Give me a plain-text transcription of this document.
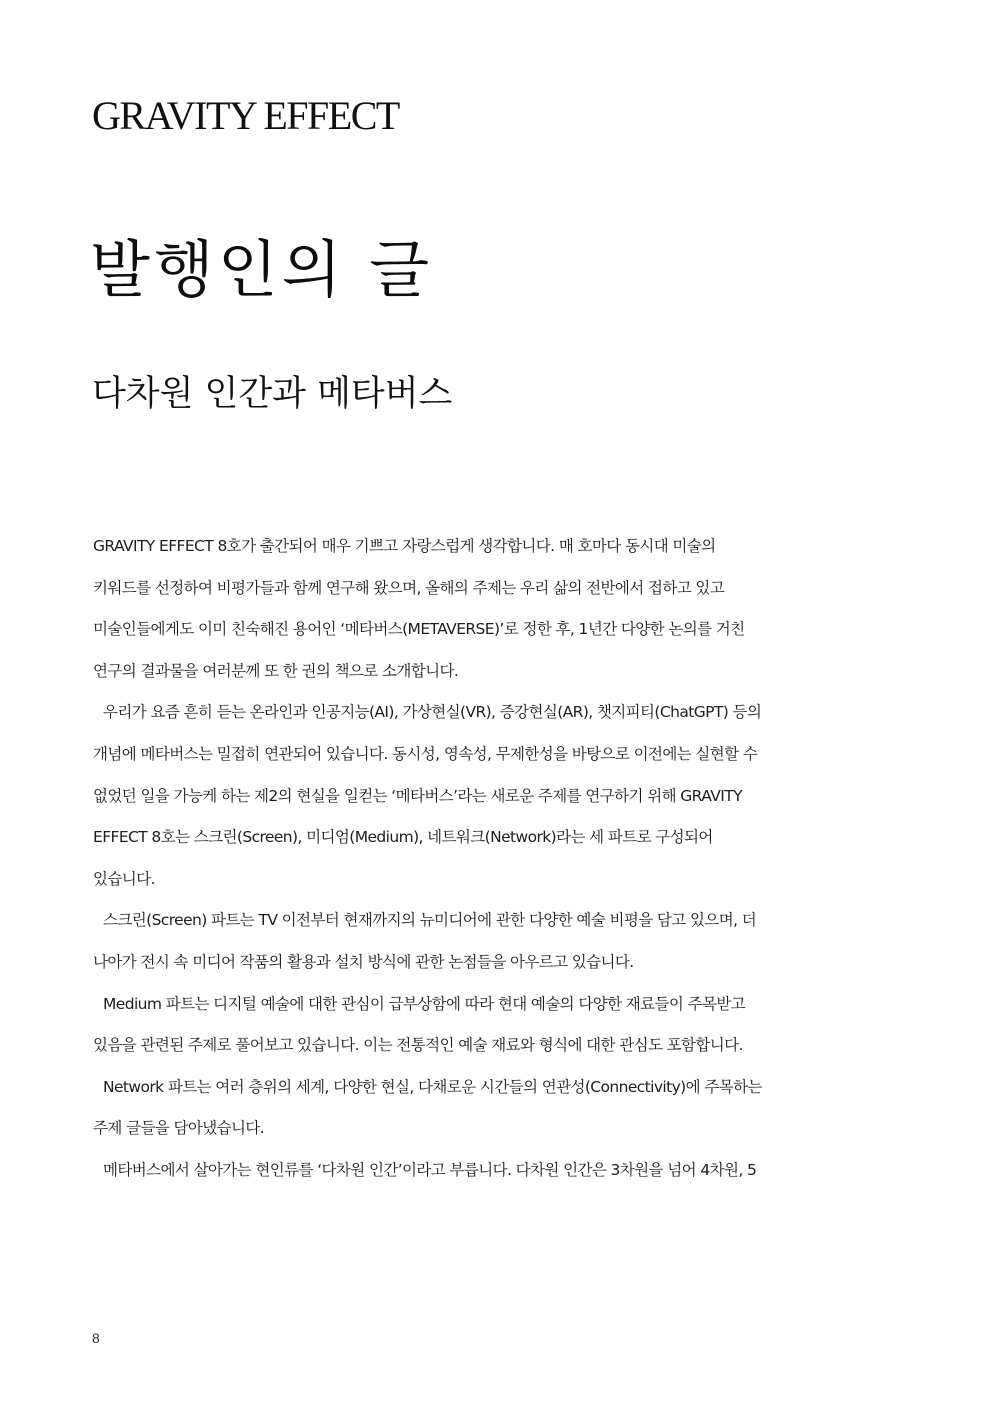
GRAVITY EFFECT
발행인의 글
다차원 인간과 메타버스

GRAVITY EFFECT 8호가 출간되어 매우 기쁘고 자랑스럽게 생각합니다. 매 호마다 동시대 미술의 키워드를 선정하여 비평가들과 함께 연구해 왔으며, 올해의 주제는 우리 삶의 전반에서 접하고 있고 미술인들에게도 이미 친숙해진 용어인 ‘메타버스(METAVERSE)’로 정한 후, 1년간 다양한 논의를 거친 연구의 결과물을 여러분께 또 한 권의 책으로 소개합니다.

우리가 요즘 흔히 듣는 온라인과 인공지능(AI), 가상현실(VR), 증강현실(AR), 챗지피티(ChatGPT) 등의 개념에 메타버스는 밀접히 연관되어 있습니다. 동시성, 영속성, 무제한성을 바탕으로 이전에는 실현할 수 없었던 일을 가능케 하는 제2의 현실을 일컫는 ‘메타버스’라는 새로운 주제를 연구하기 위해 GRAVITY EFFECT 8호는 스크린(Screen), 미디엄(Medium), 네트워크(Network)라는 세 파트로 구성되어 있습니다.

스크린(Screen) 파트는 TV 이전부터 현재까지의 뉴미디어에 관한 다양한 예술 비평을 담고 있으며, 더 나아가 전시 속 미디어 작품의 활용과 설치 방식에 관한 논점들을 아우르고 있습니다.

Medium 파트는 디지털 예술에 대한 관심이 급부상함에 따라 현대 예술의 다양한 재료들이 주목받고 있음을 관련된 주제로 풀어보고 있습니다. 이는 전통적인 예술 재료와 형식에 대한 관심도 포함합니다.

Network 파트는 여러 층위의 세계, 다양한 현실, 다채로운 시간들의 연관성(Connectivity)에 주목하는 주제 글들을 담아냈습니다.

메타버스에서 살아가는 현인류를 ‘다차원 인간’이라고 부릅니다. 다차원 인간은 3차원을 넘어 4차원, 5

8
